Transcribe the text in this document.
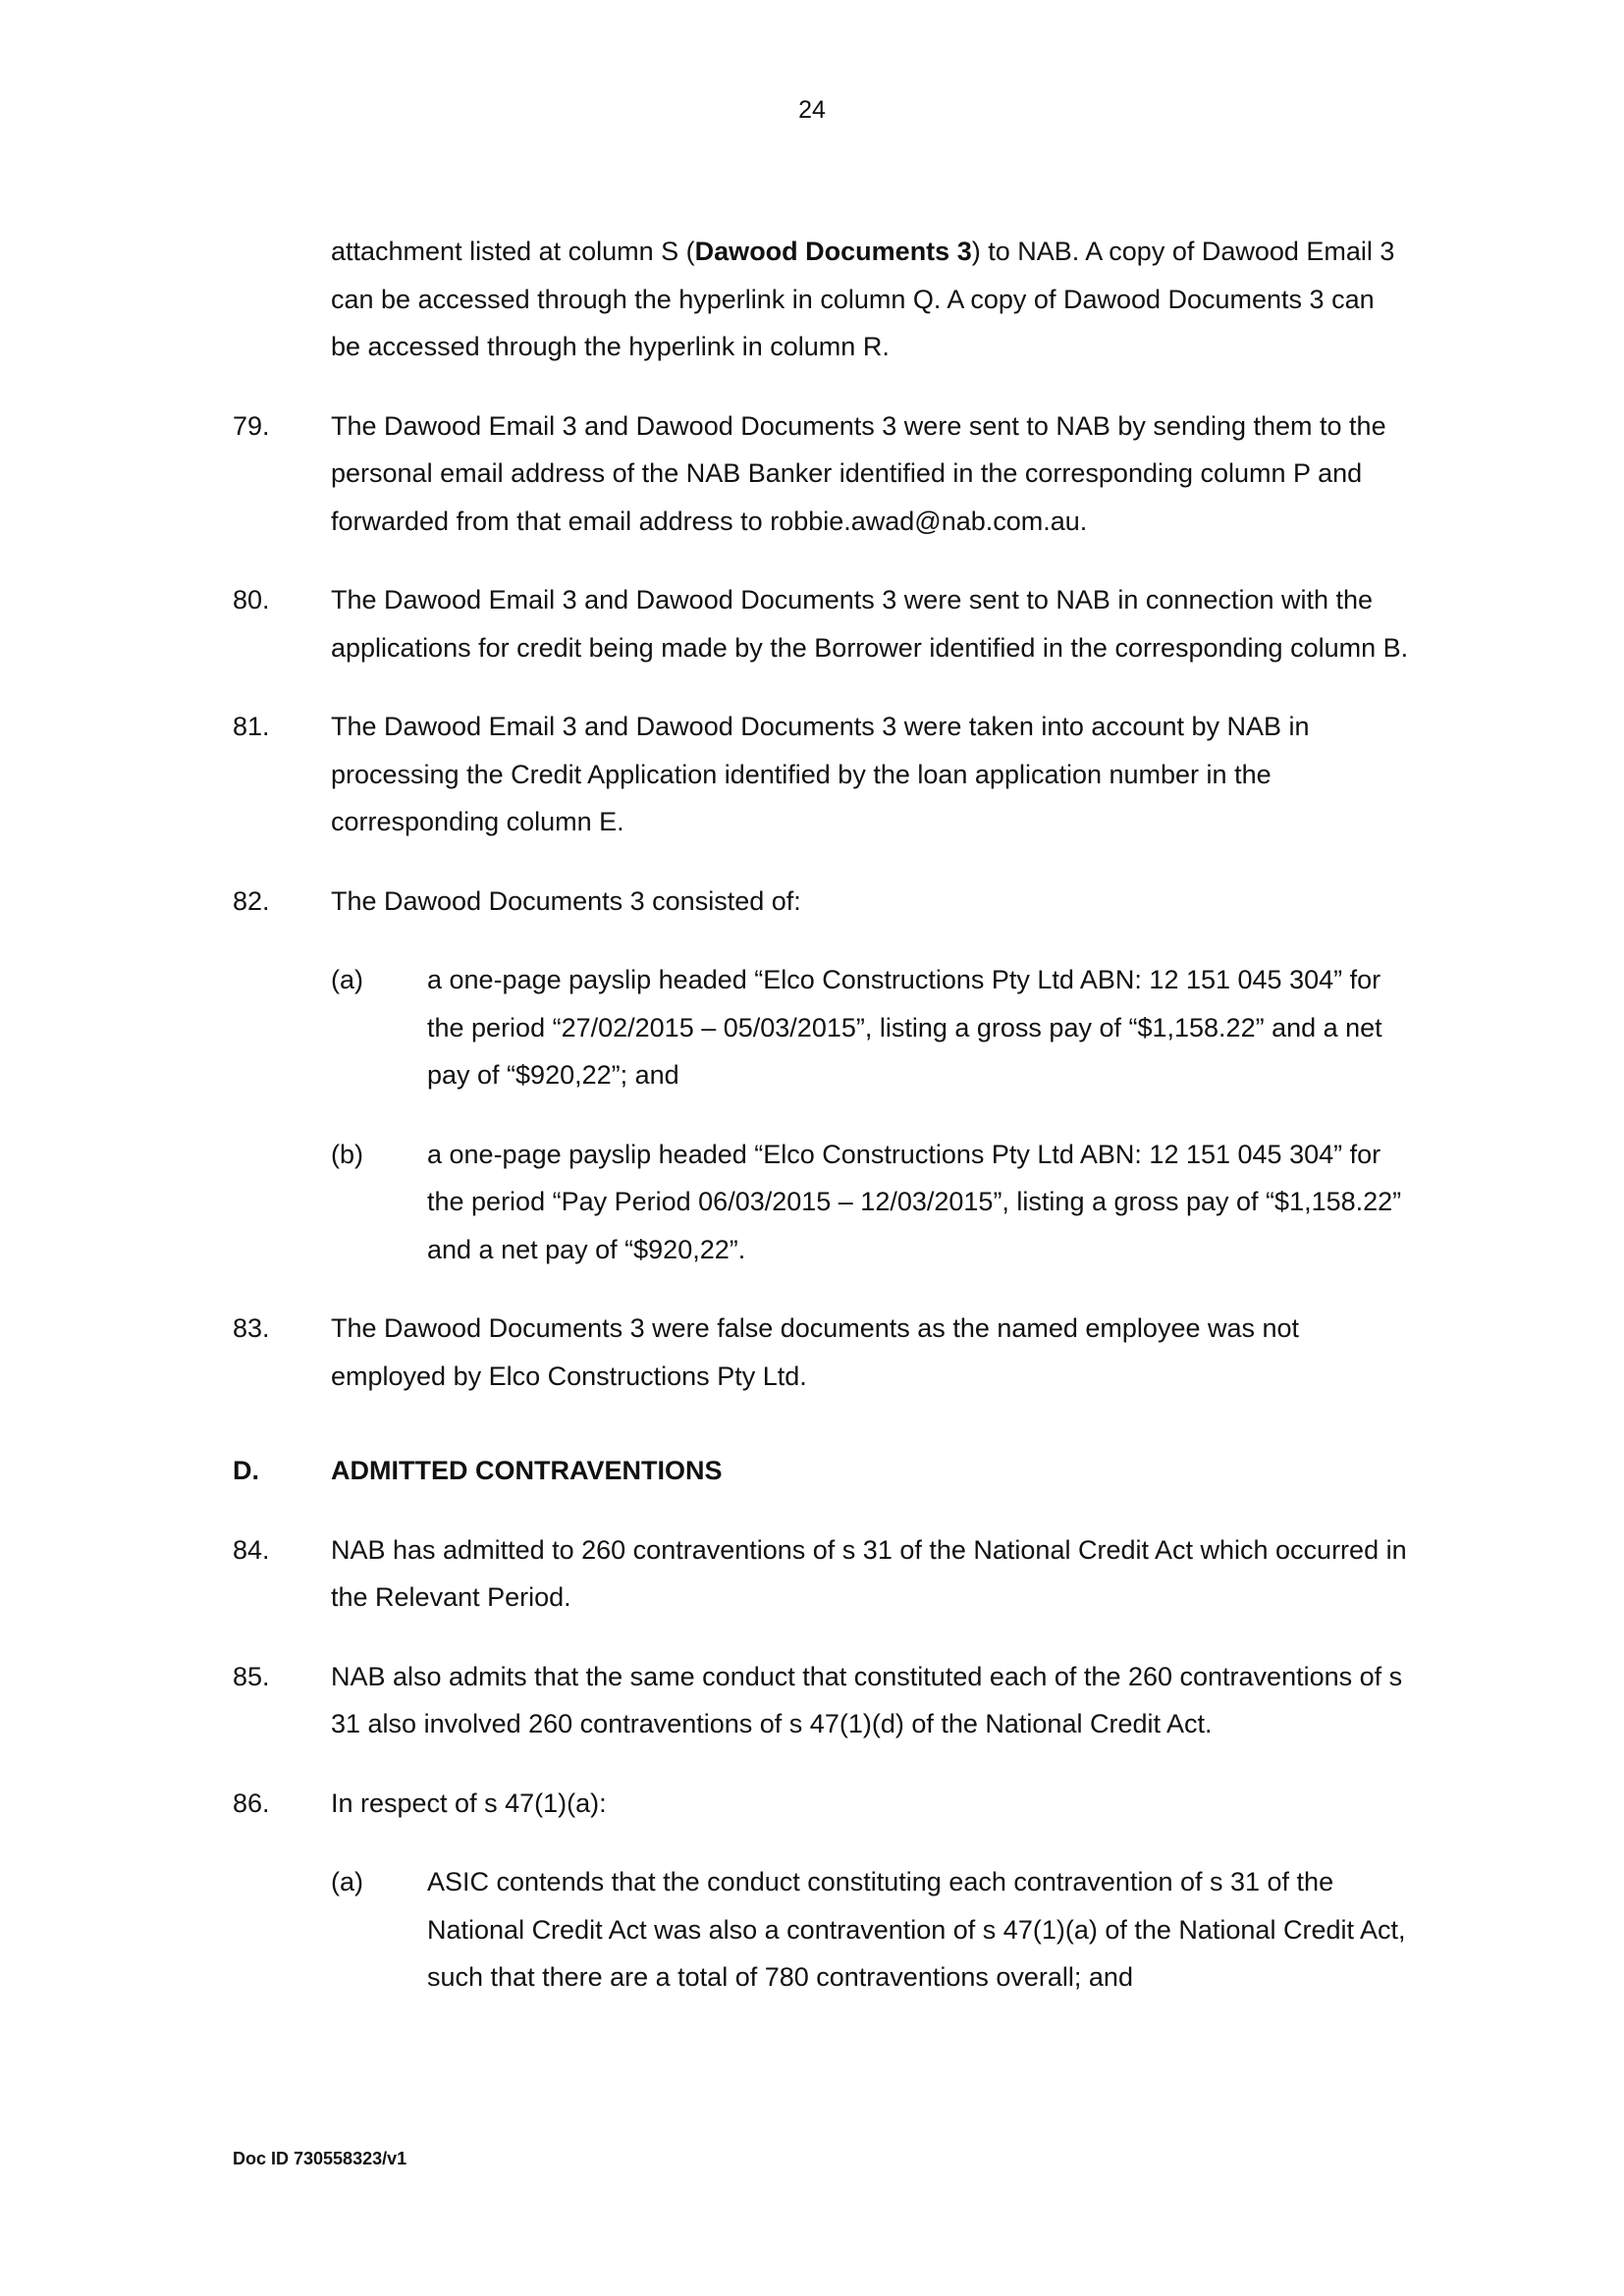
24
attachment listed at column S (Dawood Documents 3) to NAB. A copy of Dawood Email 3 can be accessed through the hyperlink in column Q. A copy of Dawood Documents 3 can be accessed through the hyperlink in column R.
79. The Dawood Email 3 and Dawood Documents 3 were sent to NAB by sending them to the personal email address of the NAB Banker identified in the corresponding column P and forwarded from that email address to robbie.awad@nab.com.au.
80. The Dawood Email 3 and Dawood Documents 3 were sent to NAB in connection with the applications for credit being made by the Borrower identified in the corresponding column B.
81. The Dawood Email 3 and Dawood Documents 3 were taken into account by NAB in processing the Credit Application identified by the loan application number in the corresponding column E.
82. The Dawood Documents 3 consisted of:
(a) a one-page payslip headed “Elco Constructions Pty Ltd ABN: 12 151 045 304” for the period “27/02/2015 – 05/03/2015”, listing a gross pay of “$1,158.22” and a net pay of “$920,22”; and
(b) a one-page payslip headed “Elco Constructions Pty Ltd ABN: 12 151 045 304” for the period “Pay Period 06/03/2015 – 12/03/2015”, listing a gross pay of “$1,158.22” and a net pay of “$920,22”.
83. The Dawood Documents 3 were false documents as the named employee was not employed by Elco Constructions Pty Ltd.
D.	ADMITTED CONTRAVENTIONS
84. NAB has admitted to 260 contraventions of s 31 of the National Credit Act which occurred in the Relevant Period.
85. NAB also admits that the same conduct that constituted each of the 260 contraventions of s 31 also involved 260 contraventions of s 47(1)(d) of the National Credit Act.
86. In respect of s 47(1)(a):
(a) ASIC contends that the conduct constituting each contravention of s 31 of the National Credit Act was also a contravention of s 47(1)(a) of the National Credit Act, such that there are a total of 780 contraventions overall; and
Doc ID 730558323/v1
